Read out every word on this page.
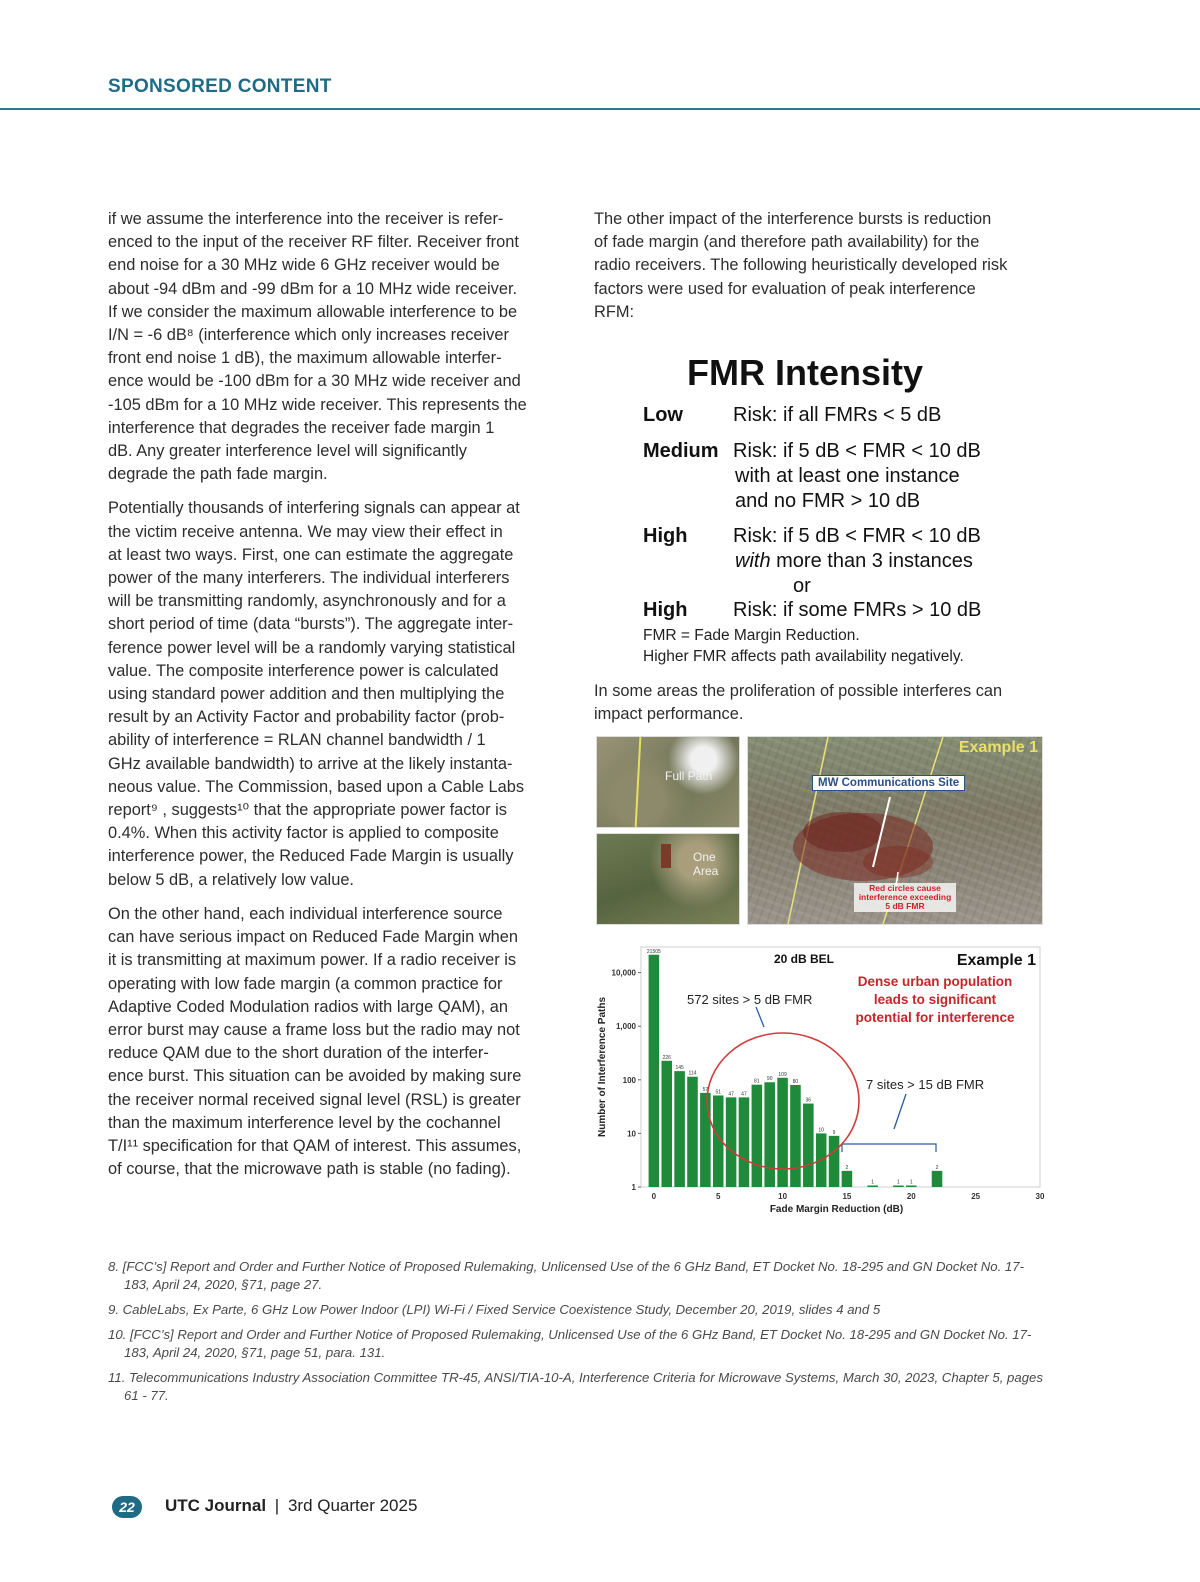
SPONSORED CONTENT

if we assume the interference into the receiver is refer-
enced to the input of the receiver RF filter. Receiver front
end noise for a 30 MHz wide 6 GHz receiver would be
about -94 dBm and -99 dBm for a 10 MHz wide receiver.
If we consider the maximum allowable interference to be
I/N = -6 dB⁸ (interference which only increases receiver
front end noise 1 dB), the maximum allowable interfer-
ence would be -100 dBm for a 30 MHz wide receiver and
-105 dBm for a 10 MHz wide receiver. This represents the
interference that degrades the receiver fade margin 1
dB. Any greater interference level will significantly
degrade the path fade margin.

Potentially thousands of interfering signals can appear at
the victim receive antenna. We may view their effect in
at least two ways. First, one can estimate the aggregate
power of the many interferers. The individual interferers
will be transmitting randomly, asynchronously and for a
short period of time (data “bursts”). The aggregate inter-
ference power level will be a randomly varying statistical
value. The composite interference power is calculated
using standard power addition and then multiplying the
result by an Activity Factor and probability factor (prob-
ability of interference = RLAN channel bandwidth / 1
GHz available bandwidth) to arrive at the likely instanta-
neous value. The Commission, based upon a Cable Labs
report⁹ , suggests¹⁰ that the appropriate power factor is
0.4%. When this activity factor is applied to composite
interference power, the Reduced Fade Margin is usually
below 5 dB, a relatively low value.

On the other hand, each individual interference source
can have serious impact on Reduced Fade Margin when
it is transmitting at maximum power. If a radio receiver is
operating with low fade margin (a common practice for
Adaptive Coded Modulation radios with large QAM), an
error burst may cause a frame loss but the radio may not
reduce QAM due to the short duration of the interfer-
ence burst. This situation can be avoided by making sure
the receiver normal received signal level (RSL) is greater
than the maximum interference level by the cochannel
T/I¹¹ specification for that QAM of interest. This assumes,
of course, that the microwave path is stable (no fading).

The other impact of the interference bursts is reduction
of fade margin (and therefore path availability) for the
radio receivers. The following heuristically developed risk
factors were used for evaluation of peak interference
RFM:

FMR Intensity
Low	Risk: if all FMRs < 5 dB
Medium Risk: if 5 dB < FMR < 10 dB
with at least one instance
and no FMR > 10 dB
High Risk: if 5 dB < FMR < 10 dB
with more than 3 instances
or
High Risk: if some FMRs > 10 dB
FMR = Fade Margin Reduction.
Higher FMR affects path availability negatively.
In some areas the proliferation of possible interferes can
impact performance.
Full Path
One Area
Example 1
MW Communications Site
Red circles cause interference exceeding 5 dB FMR
1
10
100
1,000
10,000
0	5	10	15	20	25	30
21505
226
145
114
57 51 47 47
81 90
109
80
36
10 9
2
1	1 1
2
20 dB BEL	Example 1
Dense urban population
leads to significant
potential for interference
572 sites > 5 dB FMR
7 sites > 15 dB FMR
Fade Margin Reduction (dB)
Number of Interference Paths
8. [FCC’s] Report and Order and Further Notice of Proposed Rulemaking, Unlicensed Use of the 6 GHz Band, ET Docket No. 18-295 and GN Docket No. 17-183, April 24, 2020, §71, page 27.
9. CableLabs, Ex Parte, 6 GHz Low Power Indoor (LPI) Wi-Fi / Fixed Service Coexistence Study, December 20, 2019, slides 4 and 5
10. [FCC’s] Report and Order and Further Notice of Proposed Rulemaking, Unlicensed Use of the 6 GHz Band, ET Docket No. 18-295 and GN Docket No. 17-183, April 24, 2020, §71, page 51, para. 131.
11. Telecommunications Industry Association Committee TR-45, ANSI/TIA-10-A, Interference Criteria for Microwave Systems, March 30, 2023, Chapter 5, pages 61 - 77.
22	UTC Journal | 3rd Quarter 2025
